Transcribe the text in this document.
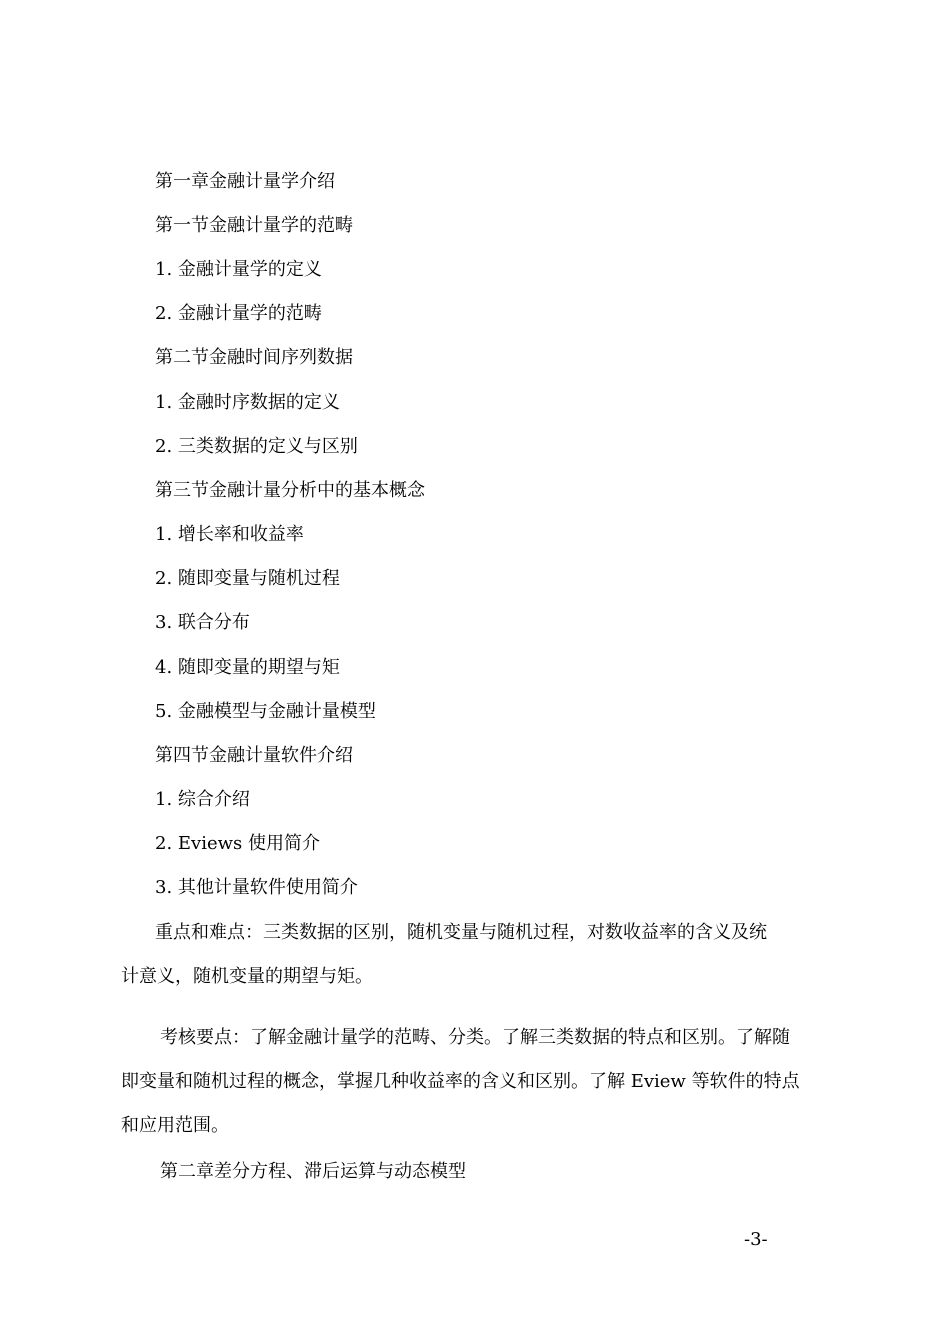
第一章金融计量学介绍
第一节金融计量学的范畴
1. 金融计量学的定义
2. 金融计量学的范畴
第二节金融时间序列数据
1. 金融时序数据的定义
2. 三类数据的定义与区别
第三节金融计量分析中的基本概念
1. 增长率和收益率
2. 随即变量与随机过程
3. 联合分布
4. 随即变量的期望与矩
5. 金融模型与金融计量模型
第四节金融计量软件介绍
1. 综合介绍
2. Eviews 使用简介
3. 其他计量软件使用简介
重点和难点：三类数据的区别，随机变量与随机过程，对数收益率的含义及统
计意义，随机变量的期望与矩。
考核要点：了解金融计量学的范畴、分类。了解三类数据的特点和区别。了解随
即变量和随机过程的概念，掌握几种收益率的含义和区别。了解 Eview 等软件的特点
和应用范围。
第二章差分方程、滞后运算与动态模型
-3-
